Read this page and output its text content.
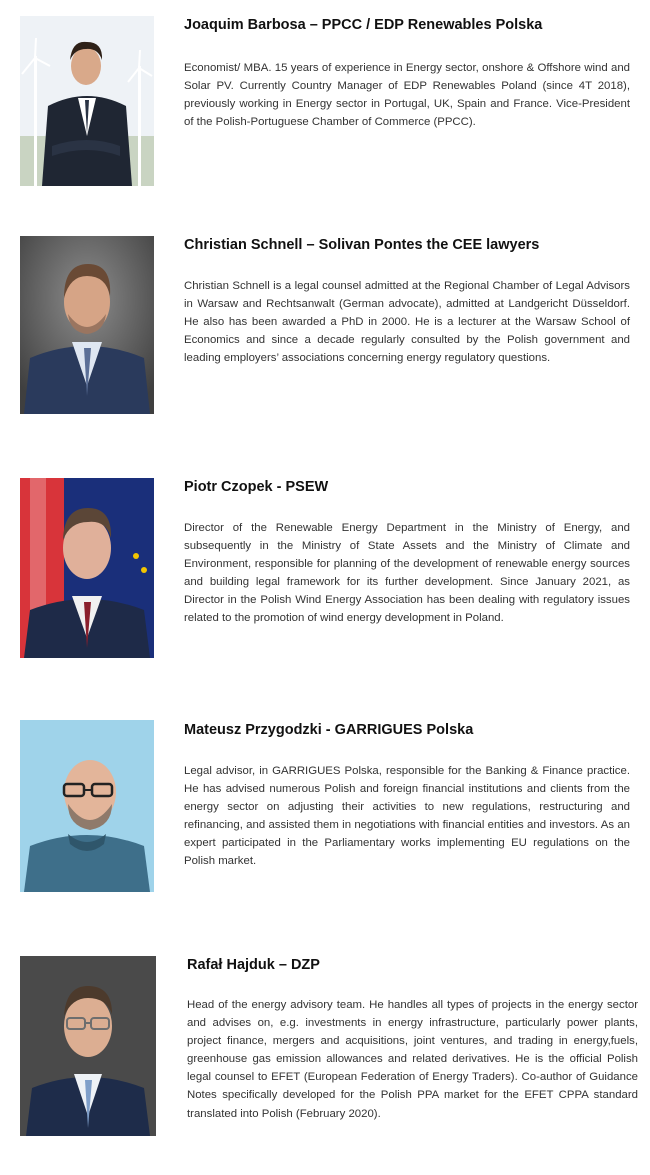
Joaquim Barbosa – PPCC / EDP Renewables Polska

Economist/ MBA. 15 years of experience in Energy sector, onshore & Offshore wind and Solar PV. Currently Country Manager of EDP Renewables Poland (since 4T 2018), previously working in Energy sector in Portugal, UK, Spain and France. Vice-President of the Polish-Portuguese Chamber of Commerce (PPCC).

Christian Schnell – Solivan Pontes the CEE lawyers

Christian Schnell is a legal counsel admitted at the Regional Chamber of Legal Advisors in Warsaw and Rechtsanwalt (German advocate), admitted at Landgericht Düsseldorf. He also has been awarded a PhD in 2000. He is a lecturer at the Warsaw School of Economics and since a decade regularly consulted by the Polish government and leading employers’ associations concerning energy regulatory questions.

Piotr Czopek - PSEW

Director of the Renewable Energy Department in the Ministry of Energy, and subsequently in the Ministry of State Assets and the Ministry of Climate and Environment, responsible for planning of the development of renewable energy sources and building legal framework for its further development. Since January 2021, as Director in the Polish Wind Energy Association has been dealing with regulatory issues related to the promotion of wind energy development in Poland.

Mateusz Przygodzki - GARRIGUES Polska

Legal advisor, in GARRIGUES Polska, responsible for the Banking & Finance practice. He has advised numerous Polish and foreign financial institutions and clients from the energy sector on adjusting their activities to new regulations, restructuring and refinancing, and assisted them in negotiations with financial entities and investors. As an expert participated in the Parliamentary works implementing EU regulations on the Polish market.

Rafał Hajduk – DZP

Head of the energy advisory team. He handles all types of projects in the energy sector and advises on, e.g. investments in energy infrastructure, particularly power plants, project finance, mergers and acquisitions, joint ventures, and trading in energy,fuels, greenhouse gas emission allowances and related derivatives. He is the official Polish legal counsel to EFET (European Federation of Energy Traders). Co-author of Guidance Notes specifically developed for the Polish PPA market for the EFET CPPA standard translated into Polish (February 2020).
